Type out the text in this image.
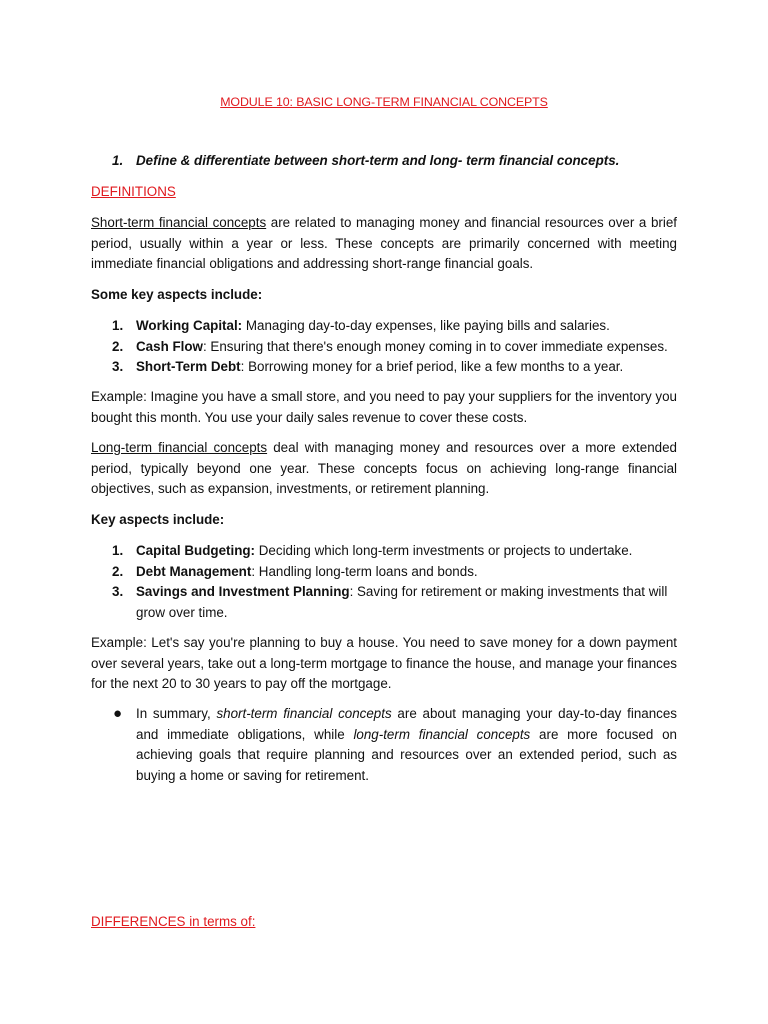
MODULE 10: BASIC LONG-TERM FINANCIAL CONCEPTS
1. Define & differentiate between short-term and long- term financial concepts.
DEFINITIONS
Short-term financial concepts are related to managing money and financial resources over a brief period, usually within a year or less. These concepts are primarily concerned with meeting immediate financial obligations and addressing short-range financial goals.
Some key aspects include:
1. Working Capital: Managing day-to-day expenses, like paying bills and salaries.
2. Cash Flow: Ensuring that there's enough money coming in to cover immediate expenses.
3. Short-Term Debt: Borrowing money for a brief period, like a few months to a year.
Example: Imagine you have a small store, and you need to pay your suppliers for the inventory you bought this month. You use your daily sales revenue to cover these costs.
Long-term financial concepts deal with managing money and resources over a more extended period, typically beyond one year. These concepts focus on achieving long-range financial objectives, such as expansion, investments, or retirement planning.
Key aspects include:
1. Capital Budgeting: Deciding which long-term investments or projects to undertake.
2. Debt Management: Handling long-term loans and bonds.
3. Savings and Investment Planning: Saving for retirement or making investments that will grow over time.
Example: Let's say you're planning to buy a house. You need to save money for a down payment over several years, take out a long-term mortgage to finance the house, and manage your finances for the next 20 to 30 years to pay off the mortgage.
● In summary, short-term financial concepts are about managing your day-to-day finances and immediate obligations, while long-term financial concepts are more focused on achieving goals that require planning and resources over an extended period, such as buying a home or saving for retirement.
DIFFERENCES in terms of:
